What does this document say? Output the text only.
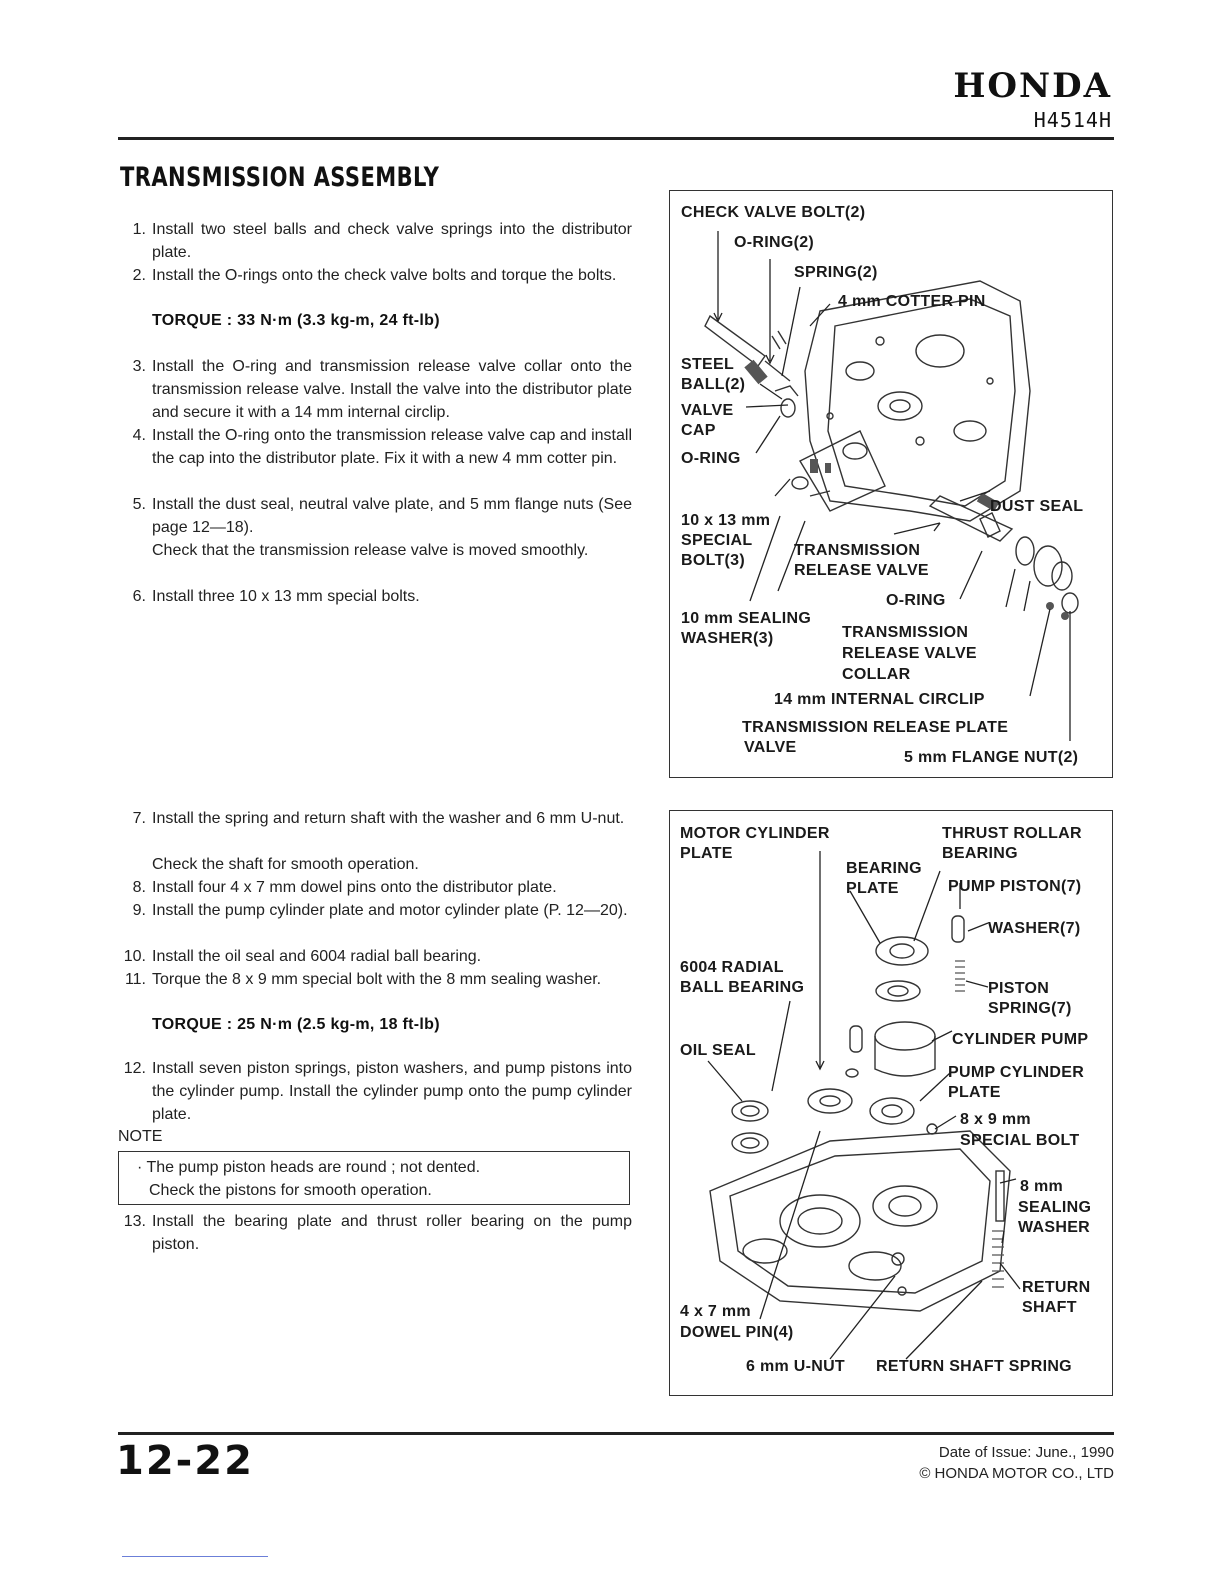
HONDA
H4514H
TRANSMISSION ASSEMBLY
1. Install two steel balls and check valve springs into the distributor plate.
2. Install the O-rings onto the check valve bolts and torque the bolts.
TORQUE : 33 N·m (3.3 kg-m, 24 ft-lb)
3. Install the O-ring and transmission release valve collar onto the transmission release valve. Install the valve into the distributor plate and secure it with a 14 mm internal circlip.
4. Install the O-ring onto the transmission release valve cap and install the cap into the distributor plate. Fix it with a new 4 mm cotter pin.
5. Install the dust seal, neutral valve plate, and 5 mm flange nuts (See page 12—18).
Check that the transmission release valve is moved smoothly.
6. Install three 10 x 13 mm special bolts.
7. Install the spring and return shaft with the washer and 6 mm U-nut.
Check the shaft for smooth operation.
8. Install four 4 x 7 mm dowel pins onto the distributor plate.
9. Install the pump cylinder plate and motor cylinder plate (P. 12—20).
10. Install the oil seal and 6004 radial ball bearing.
11. Torque the 8 x 9 mm special bolt with the 8 mm sealing washer.
TORQUE : 25 N·m (2.5 kg-m, 18 ft-lb)
12. Install seven piston springs, piston washers, and pump pistons into the cylinder pump. Install the cylinder pump onto the pump cylinder plate.
NOTE
· The pump piston heads are round ; not dented.
Check the pistons for smooth operation.
13. Install the bearing plate and thrust roller bearing on the pump piston.
CHECK VALVE BOLT(2)
O-RING(2)
SPRING(2)
4 mm COTTER PIN
STEEL
BALL(2)
VALVE
CAP
O-RING
DUST SEAL
10 x 13 mm
SPECIAL
BOLT(3)
TRANSMISSION
RELEASE VALVE
O-RING
10 mm SEALING
WASHER(3)	TRANSMISSION
RELEASE VALVE
COLLAR
14 mm INTERNAL CIRCLIP
TRANSMISSION RELEASE PLATE
VALVE
5 mm FLANGE NUT(2)
MOTOR CYLINDER
PLATE
THRUST ROLLAR
BEARING
BEARING
PLATE	PUMP PISTON(7)
WASHER(7)
6004 RADIAL
BALL BEARING	PISTON
SPRING(7)
CYLINDER PUMP
OIL SEAL
PUMP CYLINDER
PLATE
8 x 9 mm
SPECIAL BOLT
8 mm
SEALING
WASHER
RETURN
SHAFT
4 x 7 mm
DOWEL PIN(4)
6 mm U-NUT RETURN SHAFT SPRING
12-22	Date of Issue: June., 1990
© HONDA MOTOR CO., LTD
